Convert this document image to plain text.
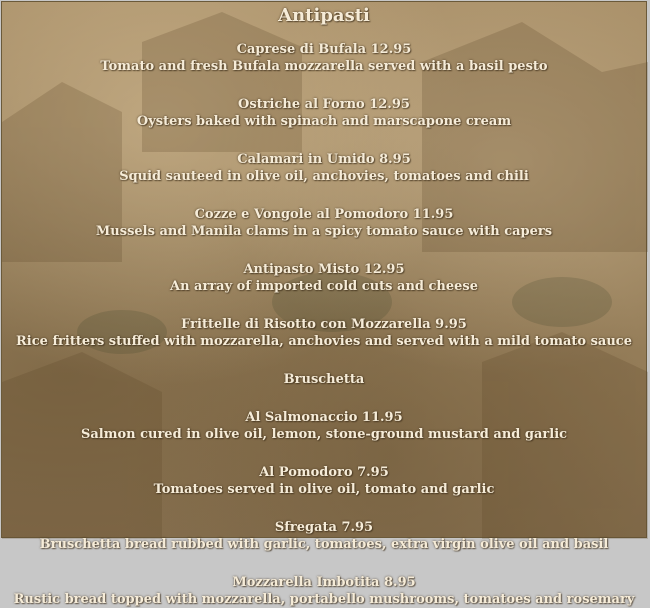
Antipasti
Caprese di Bufala 12.95
Tomato and fresh Bufala mozzarella served with a basil pesto
Ostriche al Forno 12.95
Oysters baked with spinach and marscapone cream
Calamari in Umido 8.95
Squid sauteed in olive oil, anchovies, tomatoes and chili
Cozze e Vongole al Pomodoro 11.95
Mussels and Manila clams in a spicy tomato sauce with capers
Antipasto Misto 12.95
An array of imported cold cuts and cheese
Frittelle di Risotto con Mozzarella 9.95
Rice fritters stuffed with mozzarella, anchovies and served with a mild tomato sauce
Bruschetta
Al Salmonaccio 11.95
Salmon cured in olive oil, lemon, stone-ground mustard and garlic
Al Pomodoro 7.95
Tomatoes served in olive oil, tomato and garlic
Sfregata 7.95
Bruschetta bread rubbed with garlic, tomatoes, extra virgin olive oil and basil
Mozzarella Imbotita 8.95
Rustic bread topped with mozzarella, portabello mushrooms, tomatoes and rosemary
